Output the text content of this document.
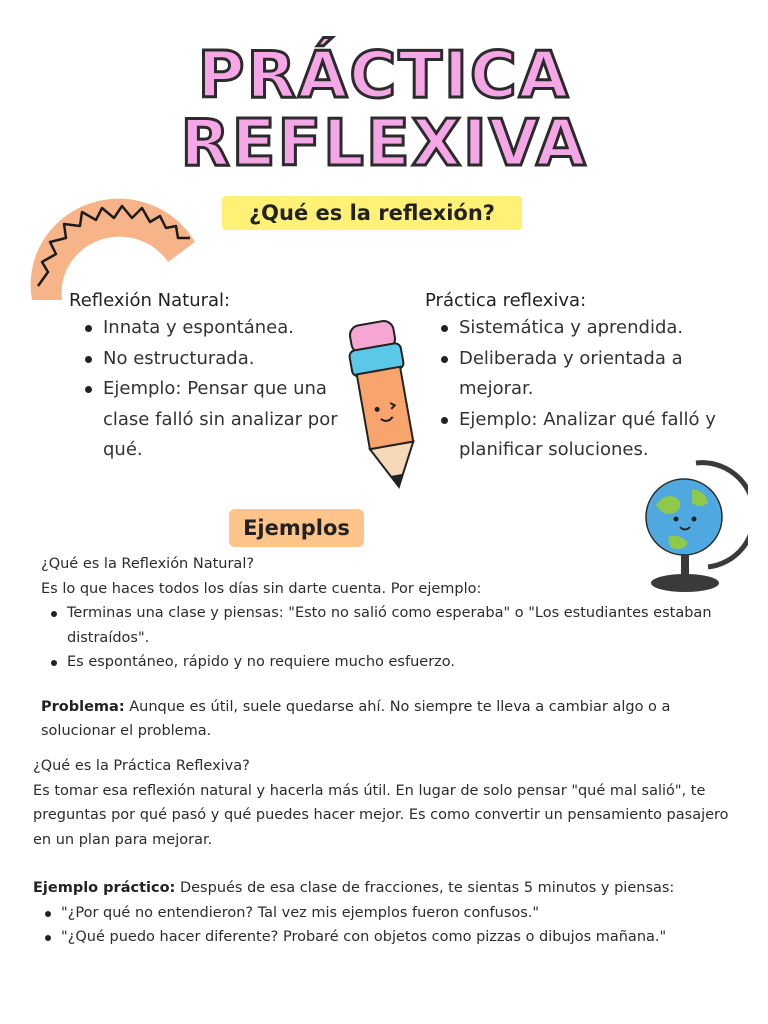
PRÁCTICA
REFLEXIVA
¿Qué es la reflexión?
Reflexión Natural:
Innata y espontánea.
No estructurada.
Ejemplo: Pensar que una clase falló sin analizar por qué.
Práctica reflexiva:
Sistemática y aprendida.
Deliberada y orientada a mejorar.
Ejemplo: Analizar qué falló y planificar soluciones.
Ejemplos
¿Qué es la Reflexión Natural?
Es lo que haces todos los días sin darte cuenta. Por ejemplo:
Terminas una clase y piensas: "Esto no salió como esperaba" o "Los estudiantes estaban distraídos".
Es espontáneo, rápido y no requiere mucho esfuerzo.
Problema: Aunque es útil, suele quedarse ahí. No siempre te lleva a cambiar algo o a solucionar el problema.
¿Qué es la Práctica Reflexiva?
Es tomar esa reflexión natural y hacerla más útil. En lugar de solo pensar "qué mal salió", te preguntas por qué pasó y qué puedes hacer mejor. Es como convertir un pensamiento pasajero en un plan para mejorar.
Ejemplo práctico: Después de esa clase de fracciones, te sientas 5 minutos y piensas:
"¿Por qué no entendieron? Tal vez mis ejemplos fueron confusos."
"¿Qué puedo hacer diferente? Probaré con objetos como pizzas o dibujos mañana."
